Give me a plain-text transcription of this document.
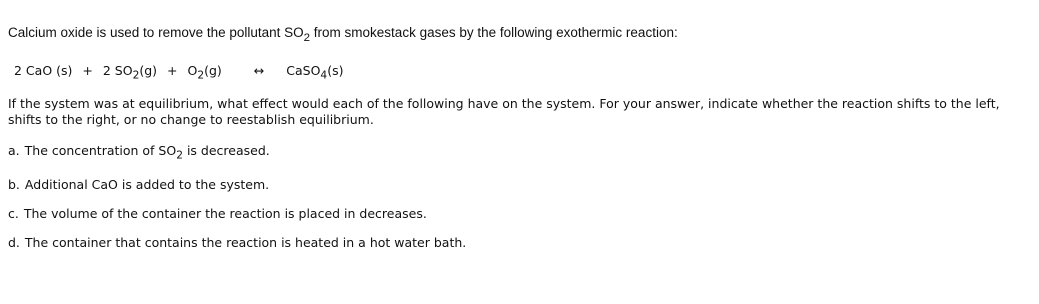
Calcium oxide is used to remove the pollutant $SO_2$ from smokestack gases by the following exothermic reaction:
2 CaO (s) + 2 $SO_2(g) + O_2(g)$	↔ CaSO$_4$(s)
If the system was at equilibrium, what effect would each of the following have on the system. For your answer, indicate whether the reaction shifts to the left, shifts to the right, or no change to reestablish equilibrium.
a. The concentration of $SO_2$ is decreased.
b. Additional CaO is added to the system.
c. The volume of the container the reaction is placed in decreases.
d. The container that contains the reaction is heated in a hot water bath.
